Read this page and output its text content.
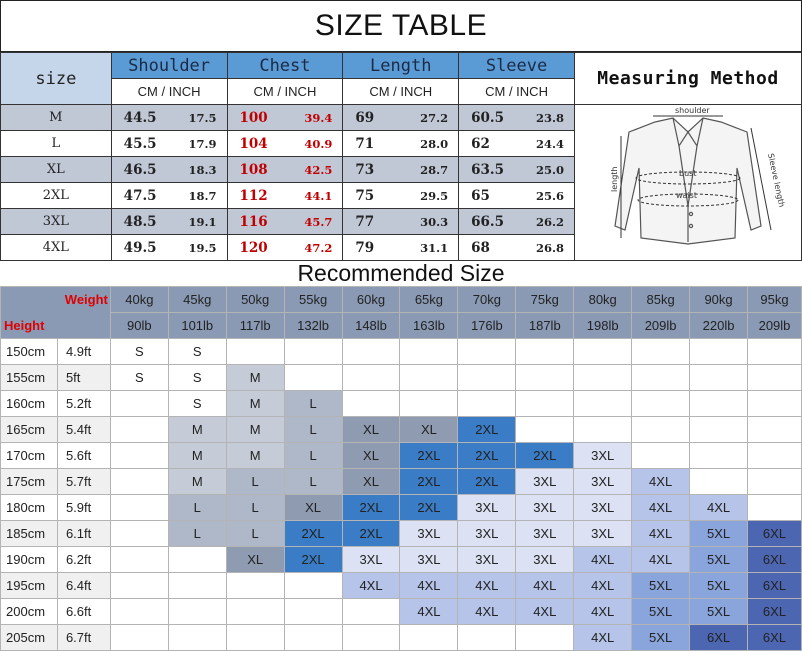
SIZE TABLE
size	Shoulder	Chest	Length	Sleeve	Measuring Method
	CM / INCH	CM / INCH	CM / INCH	CM / INCH	
M	44.5 17.5	100 39.4	69 27.2	60.5 23.8	shoulder
length bust
waist Sleeve length

L	45.5 17.9	104 40.9	71 28.0	62 24.4	

XL	46.5 18.3	108 42.5	73 28.7	63.5 25.0	

2XL	47.5 18.7	112 44.1	75 29.5	65 25.6	

3XL	48.5 19.1	116 45.7	77 30.3	66.5 26.2	

4XL	49.5 19.5	120 47.2	79 31.1	68 26.8	
Recommended Size
Weight
Height		40kg	45kg	50kg	55kg	60kg	65kg	70kg	75kg	80kg	85kg	90kg	95kg
		90lb	101lb	117lb	132lb	148lb	163lb	176lb	187lb	198lb	209lb	220lb	209lb
150cm	4.9ft	S	S										
155cm	5ft	S	S	M									
160cm	5.2ft		S	M	L								
165cm	5.4ft		M	M	L	XL	XL	2XL					
170cm	5.6ft		M	M	L	XL	2XL	2XL	2XL	3XL			
175cm	5.7ft		M	L	L	XL	2XL	2XL	3XL	3XL	4XL		
180cm	5.9ft		L	L	XL	2XL	2XL	3XL	3XL	3XL	4XL	4XL	
185cm	6.1ft		L	L	2XL	2XL	3XL	3XL	3XL	3XL	4XL	5XL	6XL
190cm	6.2ft			XL	2XL	3XL	3XL	3XL	3XL	4XL	4XL	5XL	6XL
195cm	6.4ft					4XL	4XL	4XL	4XL	4XL	5XL	5XL	6XL
200cm	6.6ft						4XL	4XL	4XL	4XL	5XL	5XL	6XL
205cm	6.7ft									4XL	5XL	6XL	6XL
